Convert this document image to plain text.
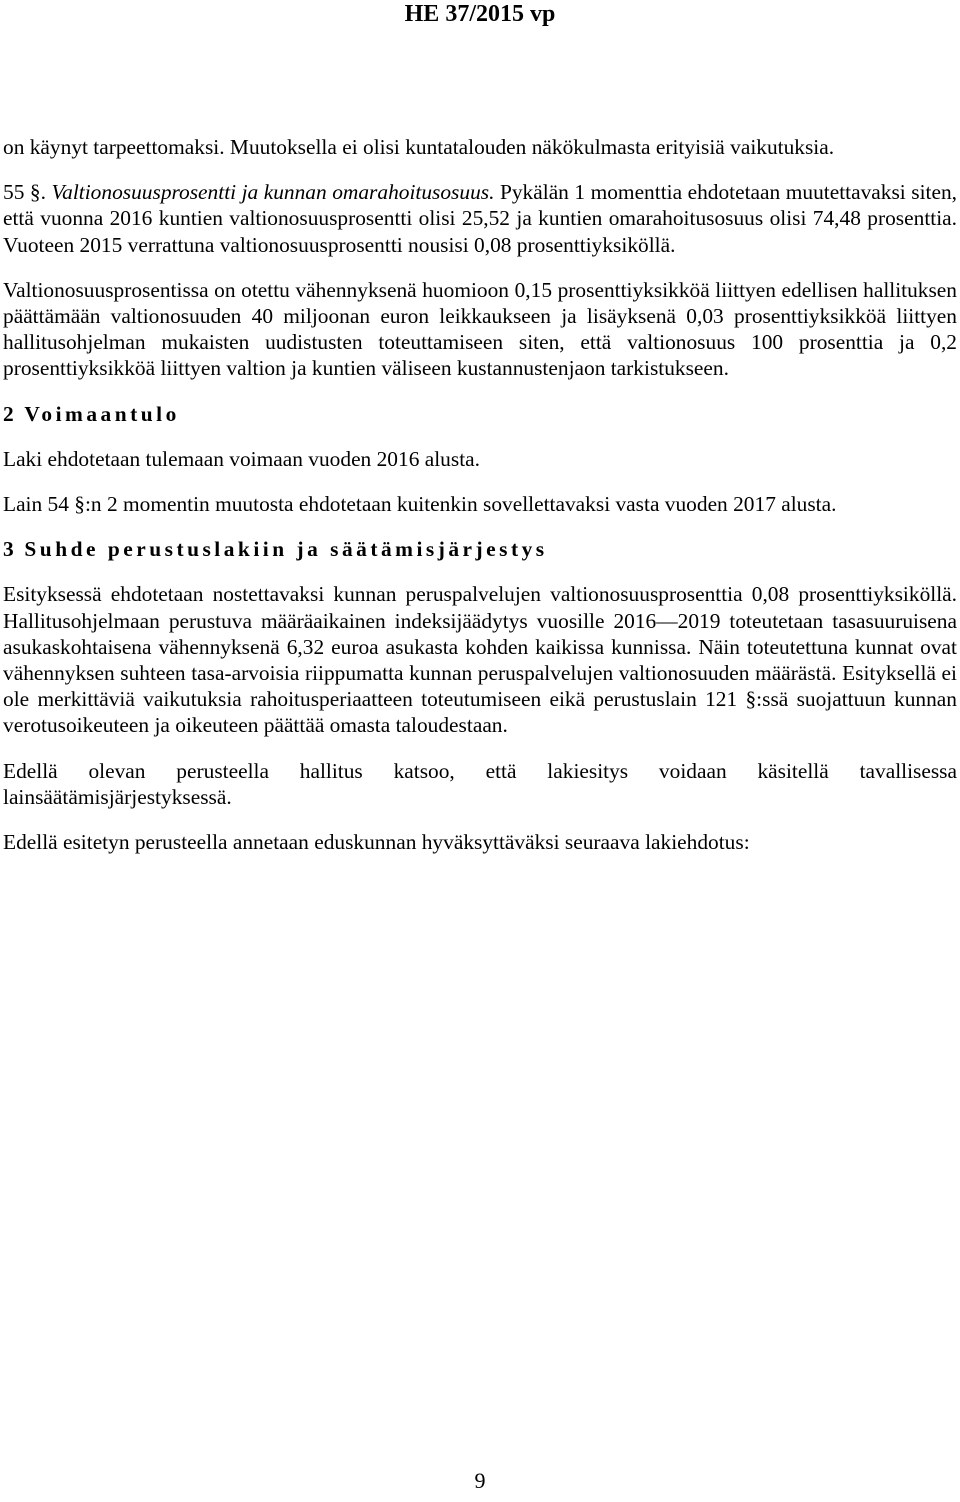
HE 37/2015 vp

on käynyt tarpeettomaksi. Muutoksella ei olisi kuntatalouden näkökulmasta erityisiä vaikutuksia.

55 §. Valtionosuusprosentti ja kunnan omarahoitusosuus. Pykälän 1 momenttia ehdotetaan muutettavaksi siten, että vuonna 2016 kuntien valtionosuusprosentti olisi 25,52 ja kuntien omarahoitusosuus olisi 74,48 prosenttia. Vuoteen 2015 verrattuna valtionosuusprosentti nousisi 0,08 prosenttiyksiköllä.

Valtionosuusprosentissa on otettu vähennyksenä huomioon 0,15 prosenttiyksikköä liittyen edellisen hallituksen päättämään valtionosuuden 40 miljoonan euron leikkaukseen ja lisäyksenä 0,03 prosenttiyksikköä liittyen hallitusohjelman mukaisten uudistusten toteuttamiseen siten, että valtionosuus 100 prosenttia ja 0,2 prosenttiyksikköä liittyen valtion ja kuntien väliseen kustannustenjaon tarkistukseen.

2 Voimaantulo

Laki ehdotetaan tulemaan voimaan vuoden 2016 alusta.

Lain 54 §:n 2 momentin muutosta ehdotetaan kuitenkin sovellettavaksi vasta vuoden 2017 alusta.

3 Suhde perustuslakiin ja säätämisjärjestys

Esityksessä ehdotetaan nostettavaksi kunnan peruspalvelujen valtionosuusprosenttia 0,08 prosenttiyksiköllä. Hallitusohjelmaan perustuva määräaikainen indeksijäädytys vuosille 2016—2019 toteutetaan tasasuuruisena asukaskohtaisena vähennyksenä 6,32 euroa asukasta kohden kaikissa kunnissa. Näin toteutettuna kunnat ovat vähennyksen suhteen tasa-arvoisia riippumatta kunnan peruspalvelujen valtionosuuden määrästä. Esityksellä ei ole merkittäviä vaikutuksia rahoitusperiaatteen toteutumiseen eikä perustuslain 121 §:ssä suojattuun kunnan verotusoikeuteen ja oikeuteen päättää omasta taloudestaan.

Edellä olevan perusteella hallitus katsoo, että lakiesitys voidaan käsitellä tavallisessa lainsäätämisjärjestyksessä.

Edellä esitetyn perusteella annetaan eduskunnan hyväksyttäväksi seuraava lakiehdotus:

9
